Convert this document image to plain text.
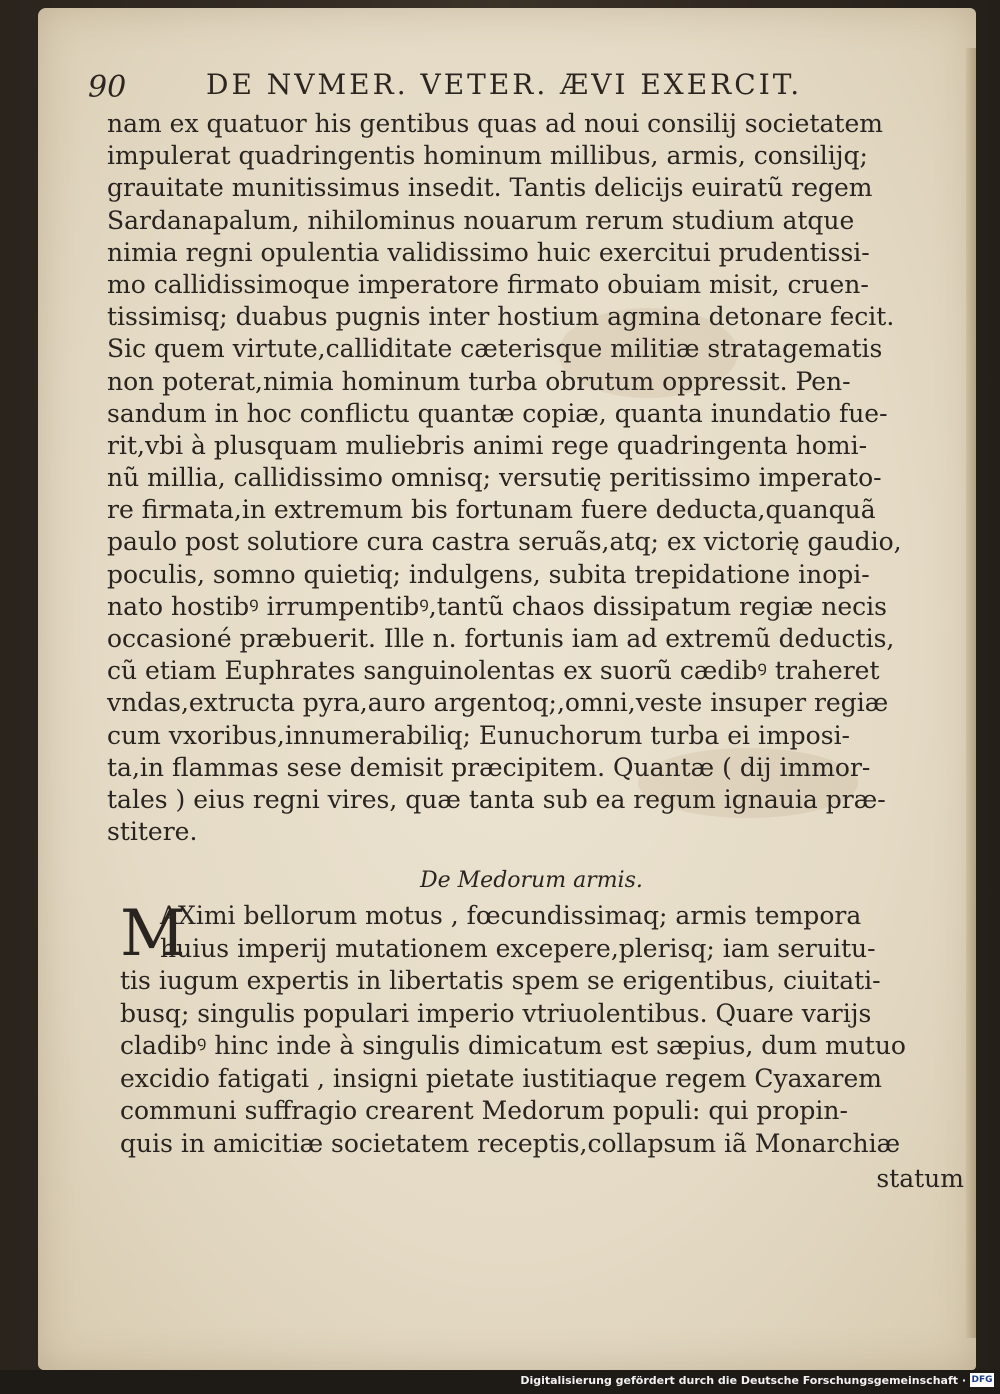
90	DE NVMER. VETER. ÆVI EXERCIT.
nam ex quatuor his gentibus quas ad noui consilij societatem
impulerat quadringentis hominum millibus, armis, consilijq;
grauitate munitissimus insedit. Tantis delicijs euiratũ regem
Sardanapalum, nihilominus nouarum rerum studium atque
nimia regni opulentia validissimo huic exercitui prudentissi-
mo callidissimoque imperatore firmato obuiam misit, cruen-
tissimisq; duabus pugnis inter hostium agmina detonare fecit.
Sic quem virtute,calliditate cæterisque militiæ stratagematis
non poterat,nimia hominum turba obrutum oppressit. Pen-
sandum in hoc conflictu quantæ copiæ, quanta inundatio fue-
rit,vbi à plusquam muliebris animi rege quadringenta homi-
nũ millia, callidissimo omnisq; versutię peritissimo imperato-
re firmata,in extremum bis fortunam fuere deducta,quanquã
paulo post solutiore cura castra seruãs,atq; ex victorię gaudio,
poculis, somno quietiq; indulgens, subita trepidatione inopi-
nato hostibꝰ irrumpentibꝰ,tantũ chaos dissipatum regiæ necis
occasioné præbuerit. Ille n. fortunis iam ad extremũ deductis,
cũ etiam Euphrates sanguinolentas ex suorũ cædibꝰ traheret
vndas,extructa pyra,auro argentoq;,omni,veste insuper regiæ
cum vxoribus,innumerabiliq; Eunuchorum turba ei imposi-
ta,in flammas sese demisit præcipitem. Quantæ ( dij immor-
tales ) eius regni vires, quæ tanta sub ea regum ignauia præ-
stitere.
De Medorum armis.
M
AXimi bellorum motus , fœcundissimaq; armis tempora
huius imperij mutationem excepere,plerisq; iam seruitu-
tis iugum expertis in libertatis spem se erigentibus, ciuitati-
busq; singulis populari imperio vtriuolentibus. Quare varijs
cladibꝰ hinc inde à singulis dimicatum est sæpius, dum mutuo
excidio fatigati , insigni pietate iustitiaque regem Cyaxarem
communi suffragio crearent Medorum populi: qui propin-
quis in amicitiæ societatem receptis,collapsum iã Monarchiæ
statum
Digitalisierung gefördert durch die Deutsche Forschungsgemeinschaft · DFG
